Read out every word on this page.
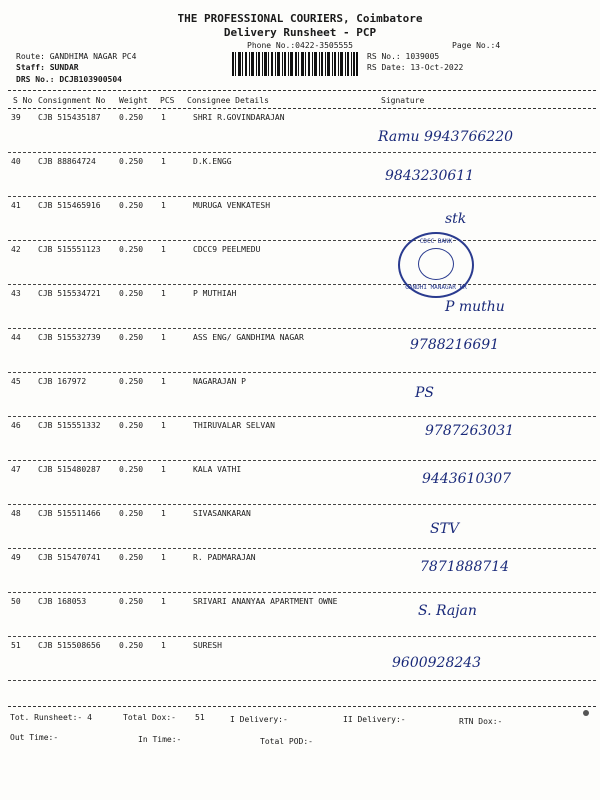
THE PROFESSIONAL COURIERS, Coimbatore
Delivery Runsheet - PCP
Phone No.:0422-3505555	Page No.:4
Route: GANDHIMA NAGAR PC4
Staff: SUNDAR
DRS No.: DCJB103900504
RS No.: 1039005
RS Date: 13-Oct-2022
S No Consignment No Weight PCS Consignee Details	Signature
39 CJB 515435187 0.250 1	SHRI R.GOVINDARAJAN
Ramu 9943766220
40 CJB 88864724	0.250 1	D.K.ENGG
9843230611
41 CJB 515465916 0.250 1	MURUGA VENKATESH
stk
42 CJB 515551123 0.250 1	CDCC9 PEELMEDU
43 CJB 515534721 0.250 1	P MUTHIAH
P muthu
44 CJB 515532739 0.250 1	ASS ENG/ GANDHIMA NAGAR	9788216691
45 CJB 167972	0.250 1	NAGARAJAN P
PS
46 CJB 515551332 0.250 1	THIRUVALAR SELVAN	9787263031
47 CJB 515480287 0.250 1	KALA VATHI
9443610307
48 CJB 515511466 0.250 1	SIVASANKARAN
STV
49 CJB 515470741 0.250 1	R. PADMARAJAN
7871888714
50 CJB 168053	0.250 1	SRIVARI ANANYAA APARTMENT OWNE
S. Rajan
51 CJB 515508656 0.250 1	SURESH
9600928243
CDCC BANK
GANDHI MANAGAR BR
Tot. Runsheet:- 4	Total Dox:- 51	I Delivery:-	II Delivery:-	RTN Dox:-
Out Time:-	In Time:-	Total POD:-
